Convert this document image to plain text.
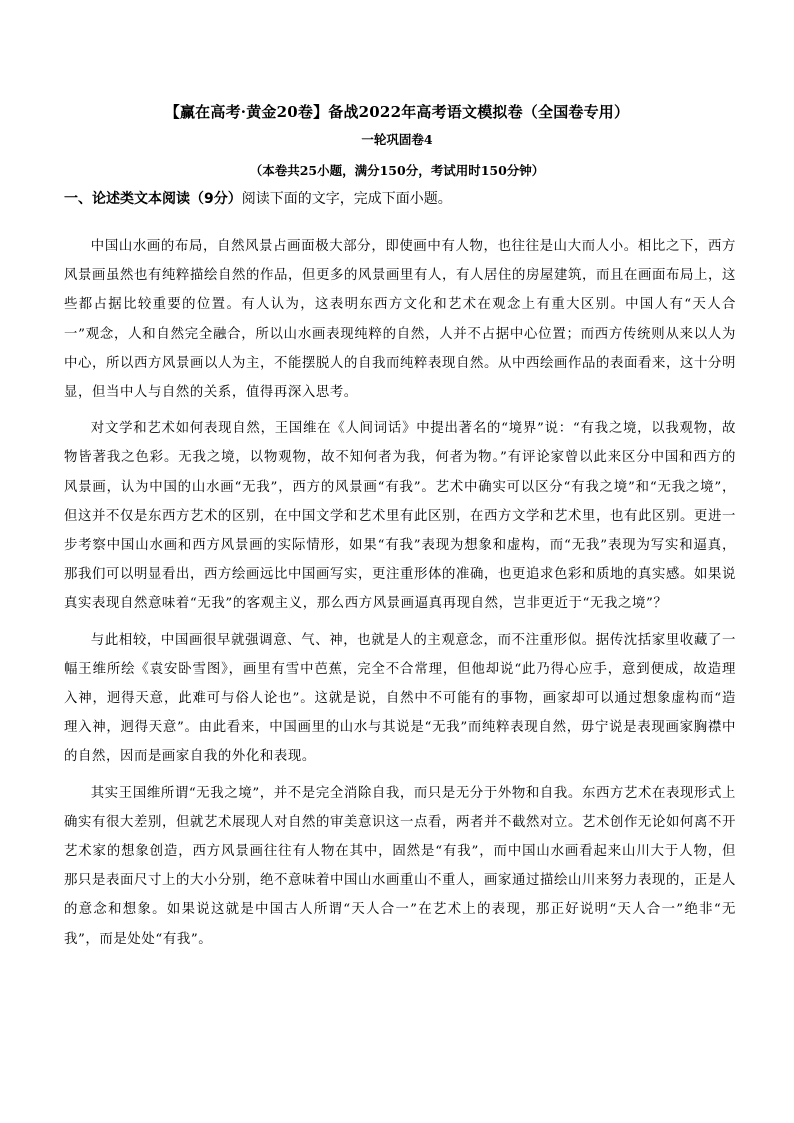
【赢在高考·黄金20卷】备战2022年高考语文模拟卷（全国卷专用）
一轮巩固卷4
（本卷共25小题，满分150分，考试用时150分钟）
一、论述类文本阅读（9分）阅读下面的文字，完成下面小题。

中国山水画的布局，自然风景占画面极大部分，即使画中有人物，也往往是山大而人小。相比之下，西方风景画虽然也有纯粹描绘自然的作品，但更多的风景画里有人，有人居住的房屋建筑，而且在画面布局上，这些都占据比较重要的位置。有人认为，这表明东西方文化和艺术在观念上有重大区别。中国人有“天人合一”观念，人和自然完全融合，所以山水画表现纯粹的自然，人并不占据中心位置；而西方传统则从来以人为中心，所以西方风景画以人为主，不能摆脱人的自我而纯粹表现自然。从中西绘画作品的表面看来，这十分明显，但当中人与自然的关系，值得再深入思考。

对文学和艺术如何表现自然，王国维在《人间词话》中提出著名的“境界”说：“有我之境，以我观物，故物皆著我之色彩。无我之境，以物观物，故不知何者为我，何者为物。”有评论家曾以此来区分中国和西方的风景画，认为中国的山水画“无我”，西方的风景画“有我”。艺术中确实可以区分“有我之境”和“无我之境”，但这并不仅是东西方艺术的区别，在中国文学和艺术里有此区别，在西方文学和艺术里，也有此区别。更进一步考察中国山水画和西方风景画的实际情形，如果“有我”表现为想象和虚构，而“无我”表现为写实和逼真，那我们可以明显看出，西方绘画远比中国画写实，更注重形体的准确，也更追求色彩和质地的真实感。如果说真实表现自然意味着“无我”的客观主义，那么西方风景画逼真再现自然，岂非更近于“无我之境”？

与此相较，中国画很早就强调意、气、神，也就是人的主观意念，而不注重形似。据传沈括家里收藏了一幅王维所绘《袁安卧雪图》，画里有雪中芭蕉，完全不合常理，但他却说“此乃得心应手，意到便成，故造理入神，迥得天意，此难可与俗人论也”。这就是说，自然中不可能有的事物，画家却可以通过想象虚构而“造理入神，迥得天意”。由此看来，中国画里的山水与其说是“无我”而纯粹表现自然，毋宁说是表现画家胸襟中的自然，因而是画家自我的外化和表现。

其实王国维所谓“无我之境”，并不是完全消除自我，而只是无分于外物和自我。东西方艺术在表现形式上确实有很大差别，但就艺术展现人对自然的审美意识这一点看，两者并不截然对立。艺术创作无论如何离不开艺术家的想象创造，西方风景画往往有人物在其中，固然是“有我”，而中国山水画看起来山川大于人物，但那只是表面尺寸上的大小分别，绝不意味着中国山水画重山不重人，画家通过描绘山川来努力表现的，正是人的意念和想象。如果说这就是中国古人所谓“天人合一”在艺术上的表现，那正好说明“天人合一”绝非“无我”，而是处处“有我”。
